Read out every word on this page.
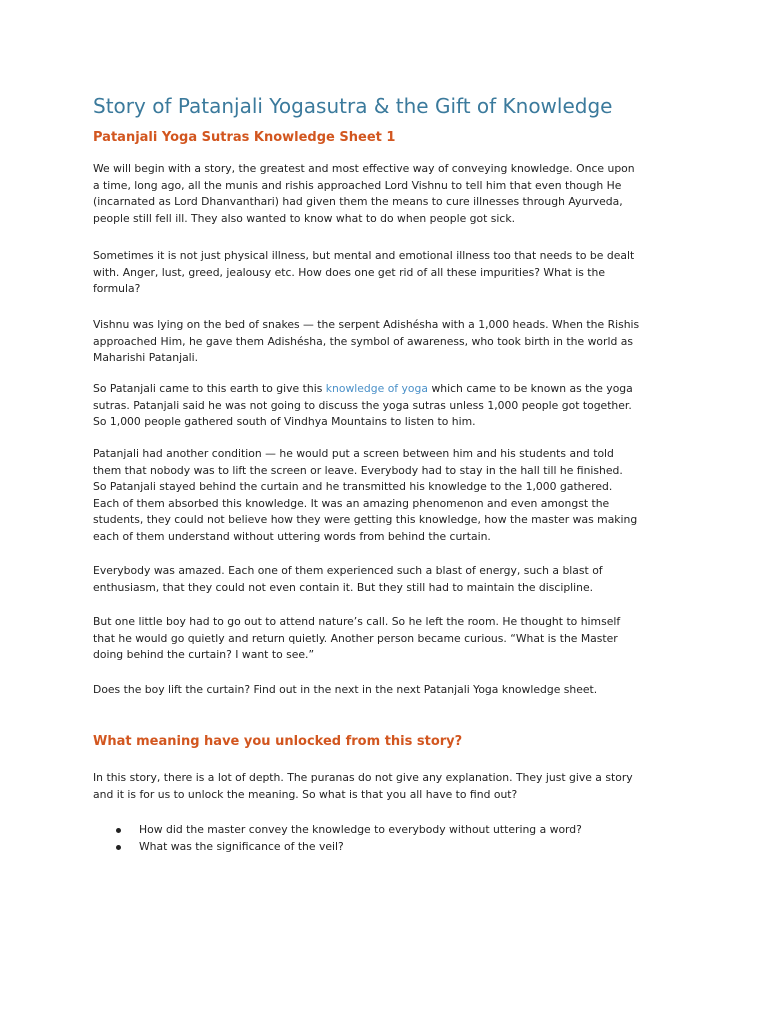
Story of Patanjali Yogasutra & the Gift of Knowledge
Patanjali Yoga Sutras Knowledge Sheet 1

We will begin with a story, the greatest and most effective way of conveying knowledge. Once upon
a time, long ago, all the munis and rishis approached Lord Vishnu to tell him that even though He
(incarnated as Lord Dhanvanthari) had given them the means to cure illnesses through Ayurveda,
people still fell ill. They also wanted to know what to do when people got sick.

Sometimes it is not just physical illness, but mental and emotional illness too that needs to be dealt
with. Anger, lust, greed, jealousy etc. How does one get rid of all these impurities? What is the
formula?

Vishnu was lying on the bed of snakes — the serpent Adishésha with a 1,000 heads. When the Rishis
approached Him, he gave them Adishésha, the symbol of awareness, who took birth in the world as
Maharishi Patanjali.

So Patanjali came to this earth to give this knowledge of yoga which came to be known as the yoga
sutras. Patanjali said he was not going to discuss the yoga sutras unless 1,000 people got together.
So 1,000 people gathered south of Vindhya Mountains to listen to him.

Patanjali had another condition — he would put a screen between him and his students and told
them that nobody was to lift the screen or leave. Everybody had to stay in the hall till he finished.
So Patanjali stayed behind the curtain and he transmitted his knowledge to the 1,000 gathered.
Each of them absorbed this knowledge. It was an amazing phenomenon and even amongst the
students, they could not believe how they were getting this knowledge, how the master was making
each of them understand without uttering words from behind the curtain.

Everybody was amazed. Each one of them experienced such a blast of energy, such a blast of
enthusiasm, that they could not even contain it. But they still had to maintain the discipline.

But one little boy had to go out to attend nature’s call. So he left the room. He thought to himself
that he would go quietly and return quietly. Another person became curious. “What is the Master
doing behind the curtain? I want to see.”

Does the boy lift the curtain? Find out in the next in the next Patanjali Yoga knowledge sheet.

What meaning have you unlocked from this story?

In this story, there is a lot of depth. The puranas do not give any explanation. They just give a story
and it is for us to unlock the meaning. So what is that you all have to find out?

How did the master convey the knowledge to everybody without uttering a word?
What was the significance of the veil?
